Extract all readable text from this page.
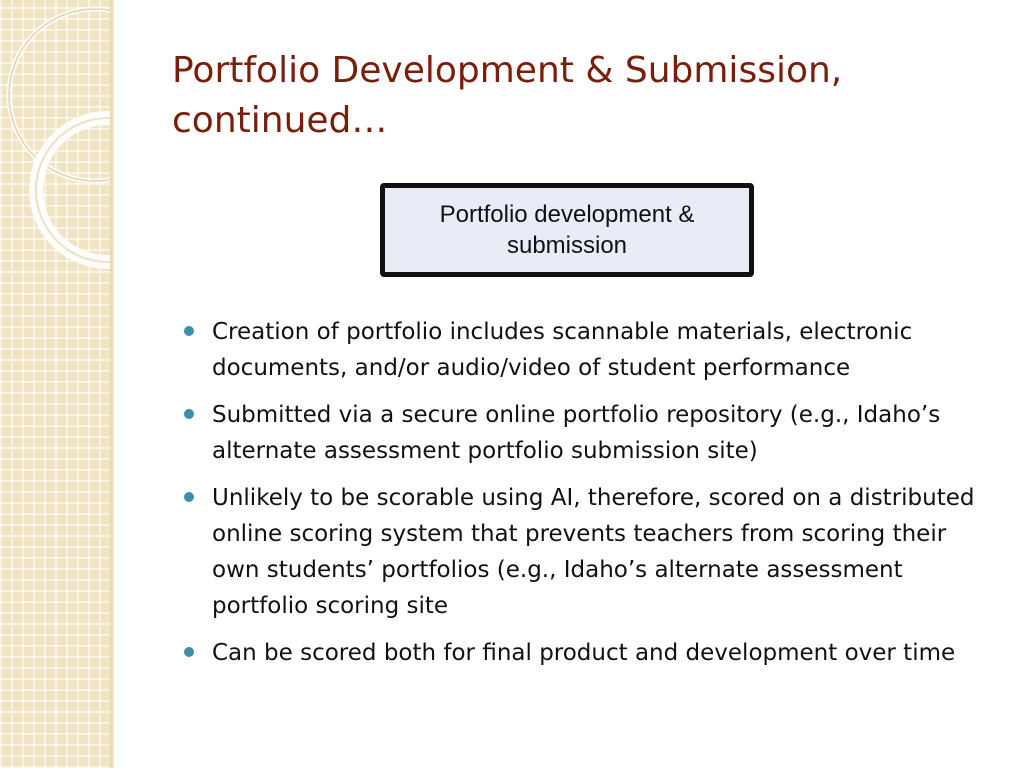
Portfolio Development & Submission, continued…
Portfolio development & submission
Creation of portfolio includes scannable materials, electronic documents, and/or audio/video of student performance
Submitted via a secure online portfolio repository (e.g., Idaho’s alternate assessment portfolio submission site)
Unlikely to be scorable using AI, therefore, scored on a distributed online scoring system that prevents teachers from scoring their own students’ portfolios (e.g., Idaho’s alternate assessment portfolio scoring site
Can be scored both for final product and development over time
